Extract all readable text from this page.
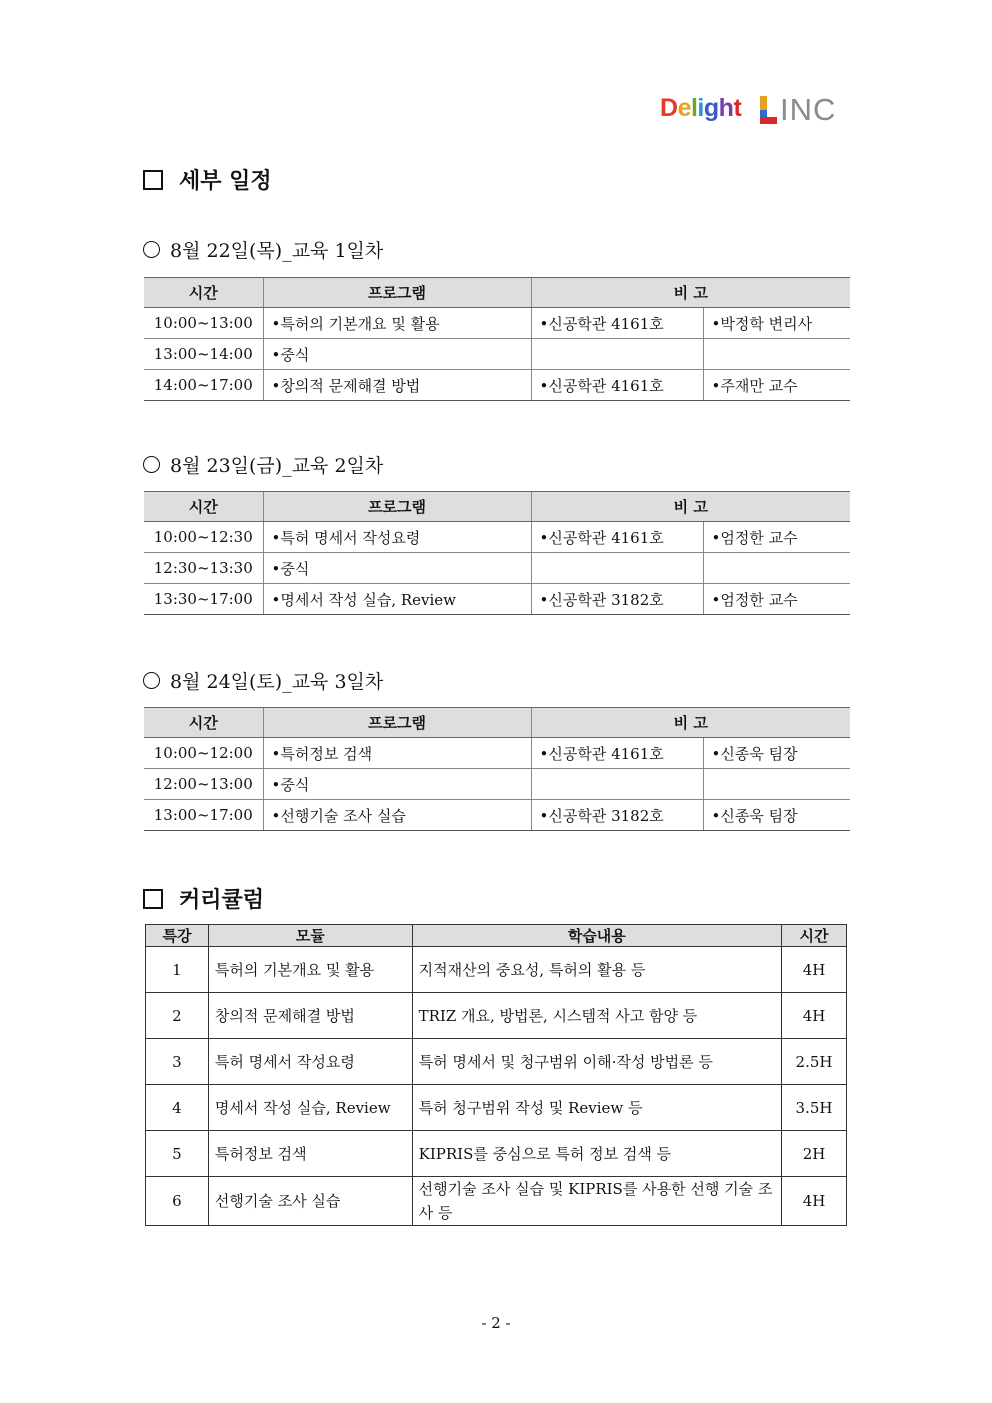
Delight INC
세부 일정
8월 22일(목)_교육 1일차
시간	프로그램	비 고	
10:00~13:00	•특허의 기본개요 및 활용	•신공학관 4161호	•박정학 변리사
13:00~14:00	•중식		
14:00~17:00	•창의적 문제해결 방법	•신공학관 4161호	•주재만 교수
8월 23일(금)_교육 2일차
시간	프로그램	비 고	
10:00~12:30	•특허 명세서 작성요령	•신공학관 4161호	•엄정한 교수
12:30~13:30	•중식		
13:30~17:00	•명세서 작성 실습, Review	•신공학관 3182호	•엄정한 교수
8월 24일(토)_교육 3일차
시간	프로그램	비 고	
10:00~12:00	•특허정보 검색	•신공학관 4161호	•신종욱 팀장
12:00~13:00	•중식		
13:00~17:00	•선행기술 조사 실습	•신공학관 3182호	•신종욱 팀장
커리큘럼
특강	모듈	학습내용	시간
1	특허의 기본개요 및 활용	지적재산의 중요성, 특허의 활용 등	4H
2	창의적 문제해결 방법	TRIZ 개요, 방법론, 시스템적 사고 함양 등	4H
3	특허 명세서 작성요령	특허 명세서 및 청구범위 이해·작성 방법론 등	2.5H
4	명세서 작성 실습, Review	특허 청구범위 작성 및 Review 등	3.5H
5	특허정보 검색	KIPRIS를 중심으로 특허 정보 검색 등	2H
6	선행기술 조사 실습	선행기술 조사 실습 및 KIPRIS를 사용한 선행 기술 조사 등	4H
- 2 -
